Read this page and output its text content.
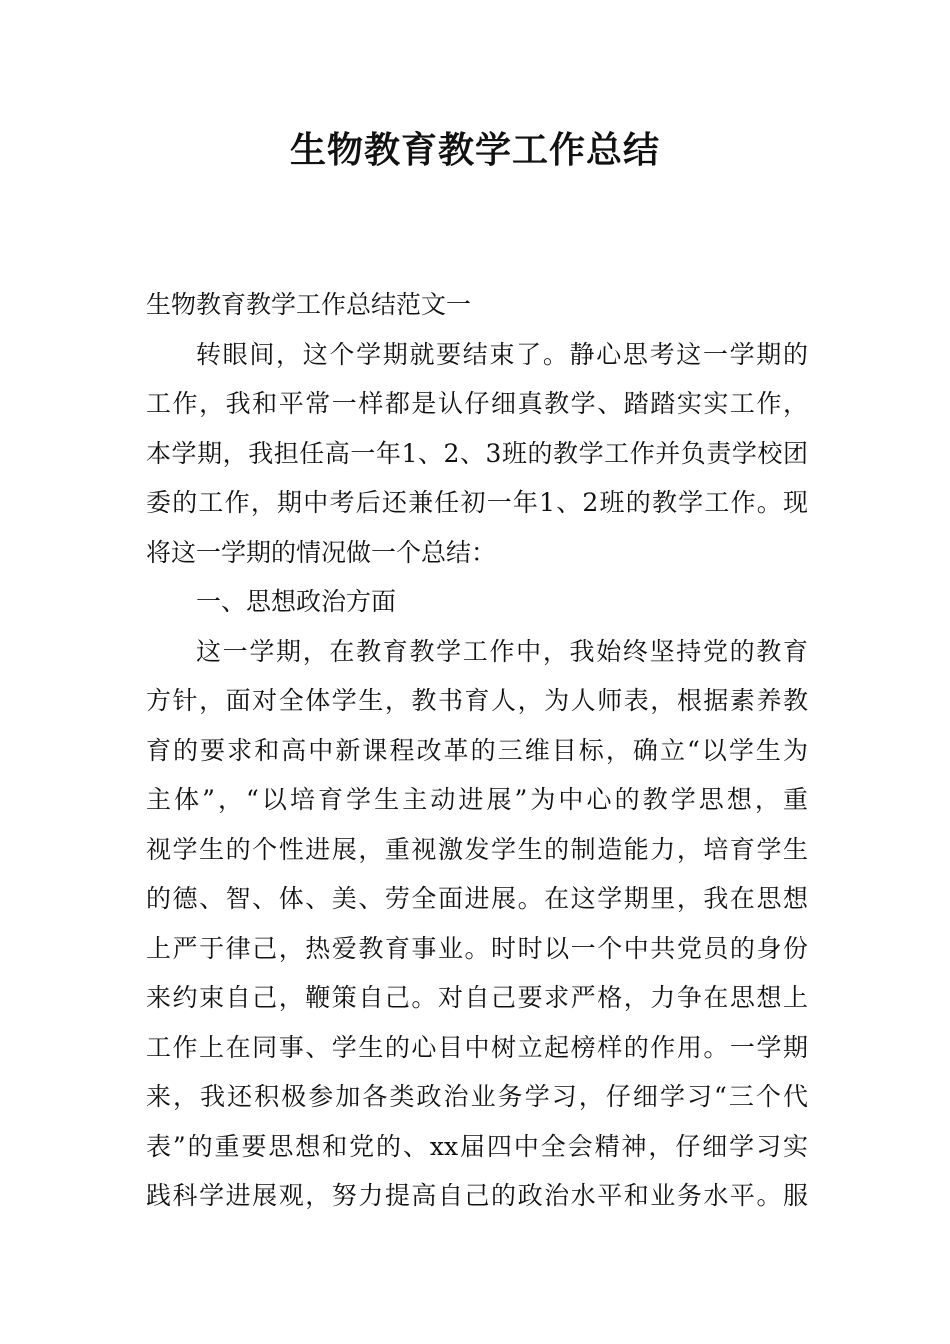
生物教育教学工作总结
生物教育教学工作总结范文一
转眼间，这个学期就要结束了。静心思考这一学期的
工作，我和平常一样都是认仔细真教学、踏踏实实工作，
本学期，我担任高一年1、2、3班的教学工作并负责学校团
委的工作，期中考后还兼任初一年1、2班的教学工作。现
将这一学期的情况做一个总结：
一、思想政治方面
这一学期，在教育教学工作中，我始终坚持党的教育
方针，面对全体学生，教书育人，为人师表，根据素养教
育的要求和高中新课程改革的三维目标，确立“以学生为
主体”，“以培育学生主动进展”为中心的教学思想，重
视学生的个性进展，重视激发学生的制造能力，培育学生
的德、智、体、美、劳全面进展。在这学期里，我在思想
上严于律己，热爱教育事业。时时以一个中共党员的身份
来约束自己，鞭策自己。对自己要求严格，力争在思想上
工作上在同事、学生的心目中树立起榜样的作用。一学期
来，我还积极参加各类政治业务学习，仔细学习“三个代
表”的重要思想和党的、xx届四中全会精神，仔细学习实
践科学进展观，努力提高自己的政治水平和业务水平。服
